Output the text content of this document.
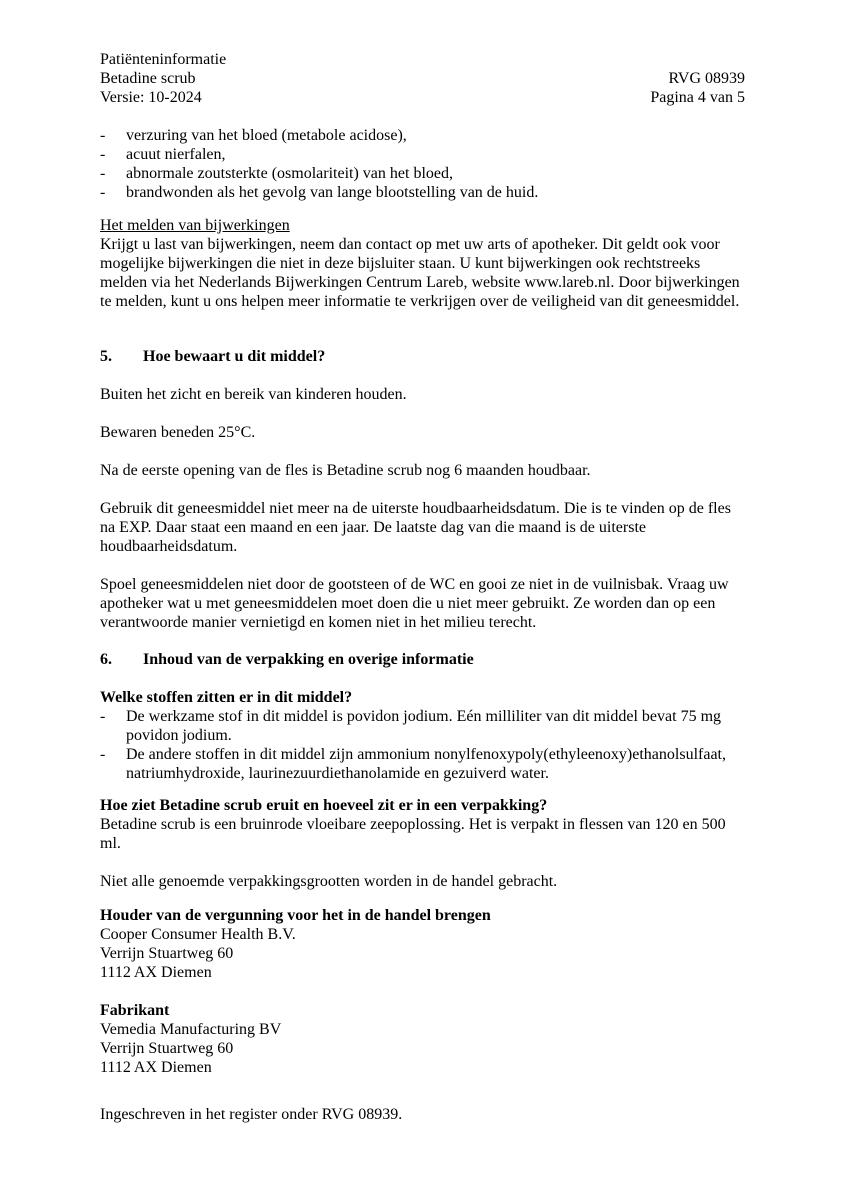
Patiënteninformatie
Betadine scrub	RVG 08939
Versie: 10-2024	Pagina 4 van 5
-	verzuring van het bloed (metabole acidose),
-	acuut nierfalen,
-	abnormale zoutsterkte (osmolariteit) van het bloed,
-	brandwonden als het gevolg van lange blootstelling van de huid.

Het melden van bijwerkingen

Krijgt u last van bijwerkingen, neem dan contact op met uw arts of apotheker. Dit geldt ook voor mogelijke bijwerkingen die niet in deze bijsluiter staan. U kunt bijwerkingen ook rechtstreeks melden via het Nederlands Bijwerkingen Centrum Lareb, website www.lareb.nl. Door bijwerkingen te melden, kunt u ons helpen meer informatie te verkrijgen over de veiligheid van dit geneesmiddel.

5.	Hoe bewaart u dit middel?

Buiten het zicht en bereik van kinderen houden.

Bewaren beneden 25°C.

Na de eerste opening van de fles is Betadine scrub nog 6 maanden houdbaar.

Gebruik dit geneesmiddel niet meer na de uiterste houdbaarheidsdatum. Die is te vinden op de fles na EXP. Daar staat een maand en een jaar. De laatste dag van die maand is de uiterste houdbaarheidsdatum.

Spoel geneesmiddelen niet door de gootsteen of de WC en gooi ze niet in de vuilnisbak. Vraag uw apotheker wat u met geneesmiddelen moet doen die u niet meer gebruikt. Ze worden dan op een verantwoorde manier vernietigd en komen niet in het milieu terecht.

6.	Inhoud van de verpakking en overige informatie

Welke stoffen zitten er in dit middel?

-	De werkzame stof in dit middel is povidon jodium. Eén milliliter van dit middel bevat 75 mg povidon jodium.
-	De andere stoffen in dit middel zijn ammonium nonylfenoxypoly(ethyleenoxy)ethanolsulfaat, natriumhydroxide, laurinezuurdiethanolamide en gezuiverd water.

Hoe ziet Betadine scrub eruit en hoeveel zit er in een verpakking?

Betadine scrub is een bruinrode vloeibare zeepoplossing. Het is verpakt in flessen van 120 en 500 ml.

Niet alle genoemde verpakkingsgrootten worden in de handel gebracht.

Houder van de vergunning voor het in de handel brengen

Cooper Consumer Health B.V.

Verrijn Stuartweg 60

1112 AX Diemen

Fabrikant

Vemedia Manufacturing BV

Verrijn Stuartweg 60

1112 AX Diemen

Ingeschreven in het register onder RVG 08939.
